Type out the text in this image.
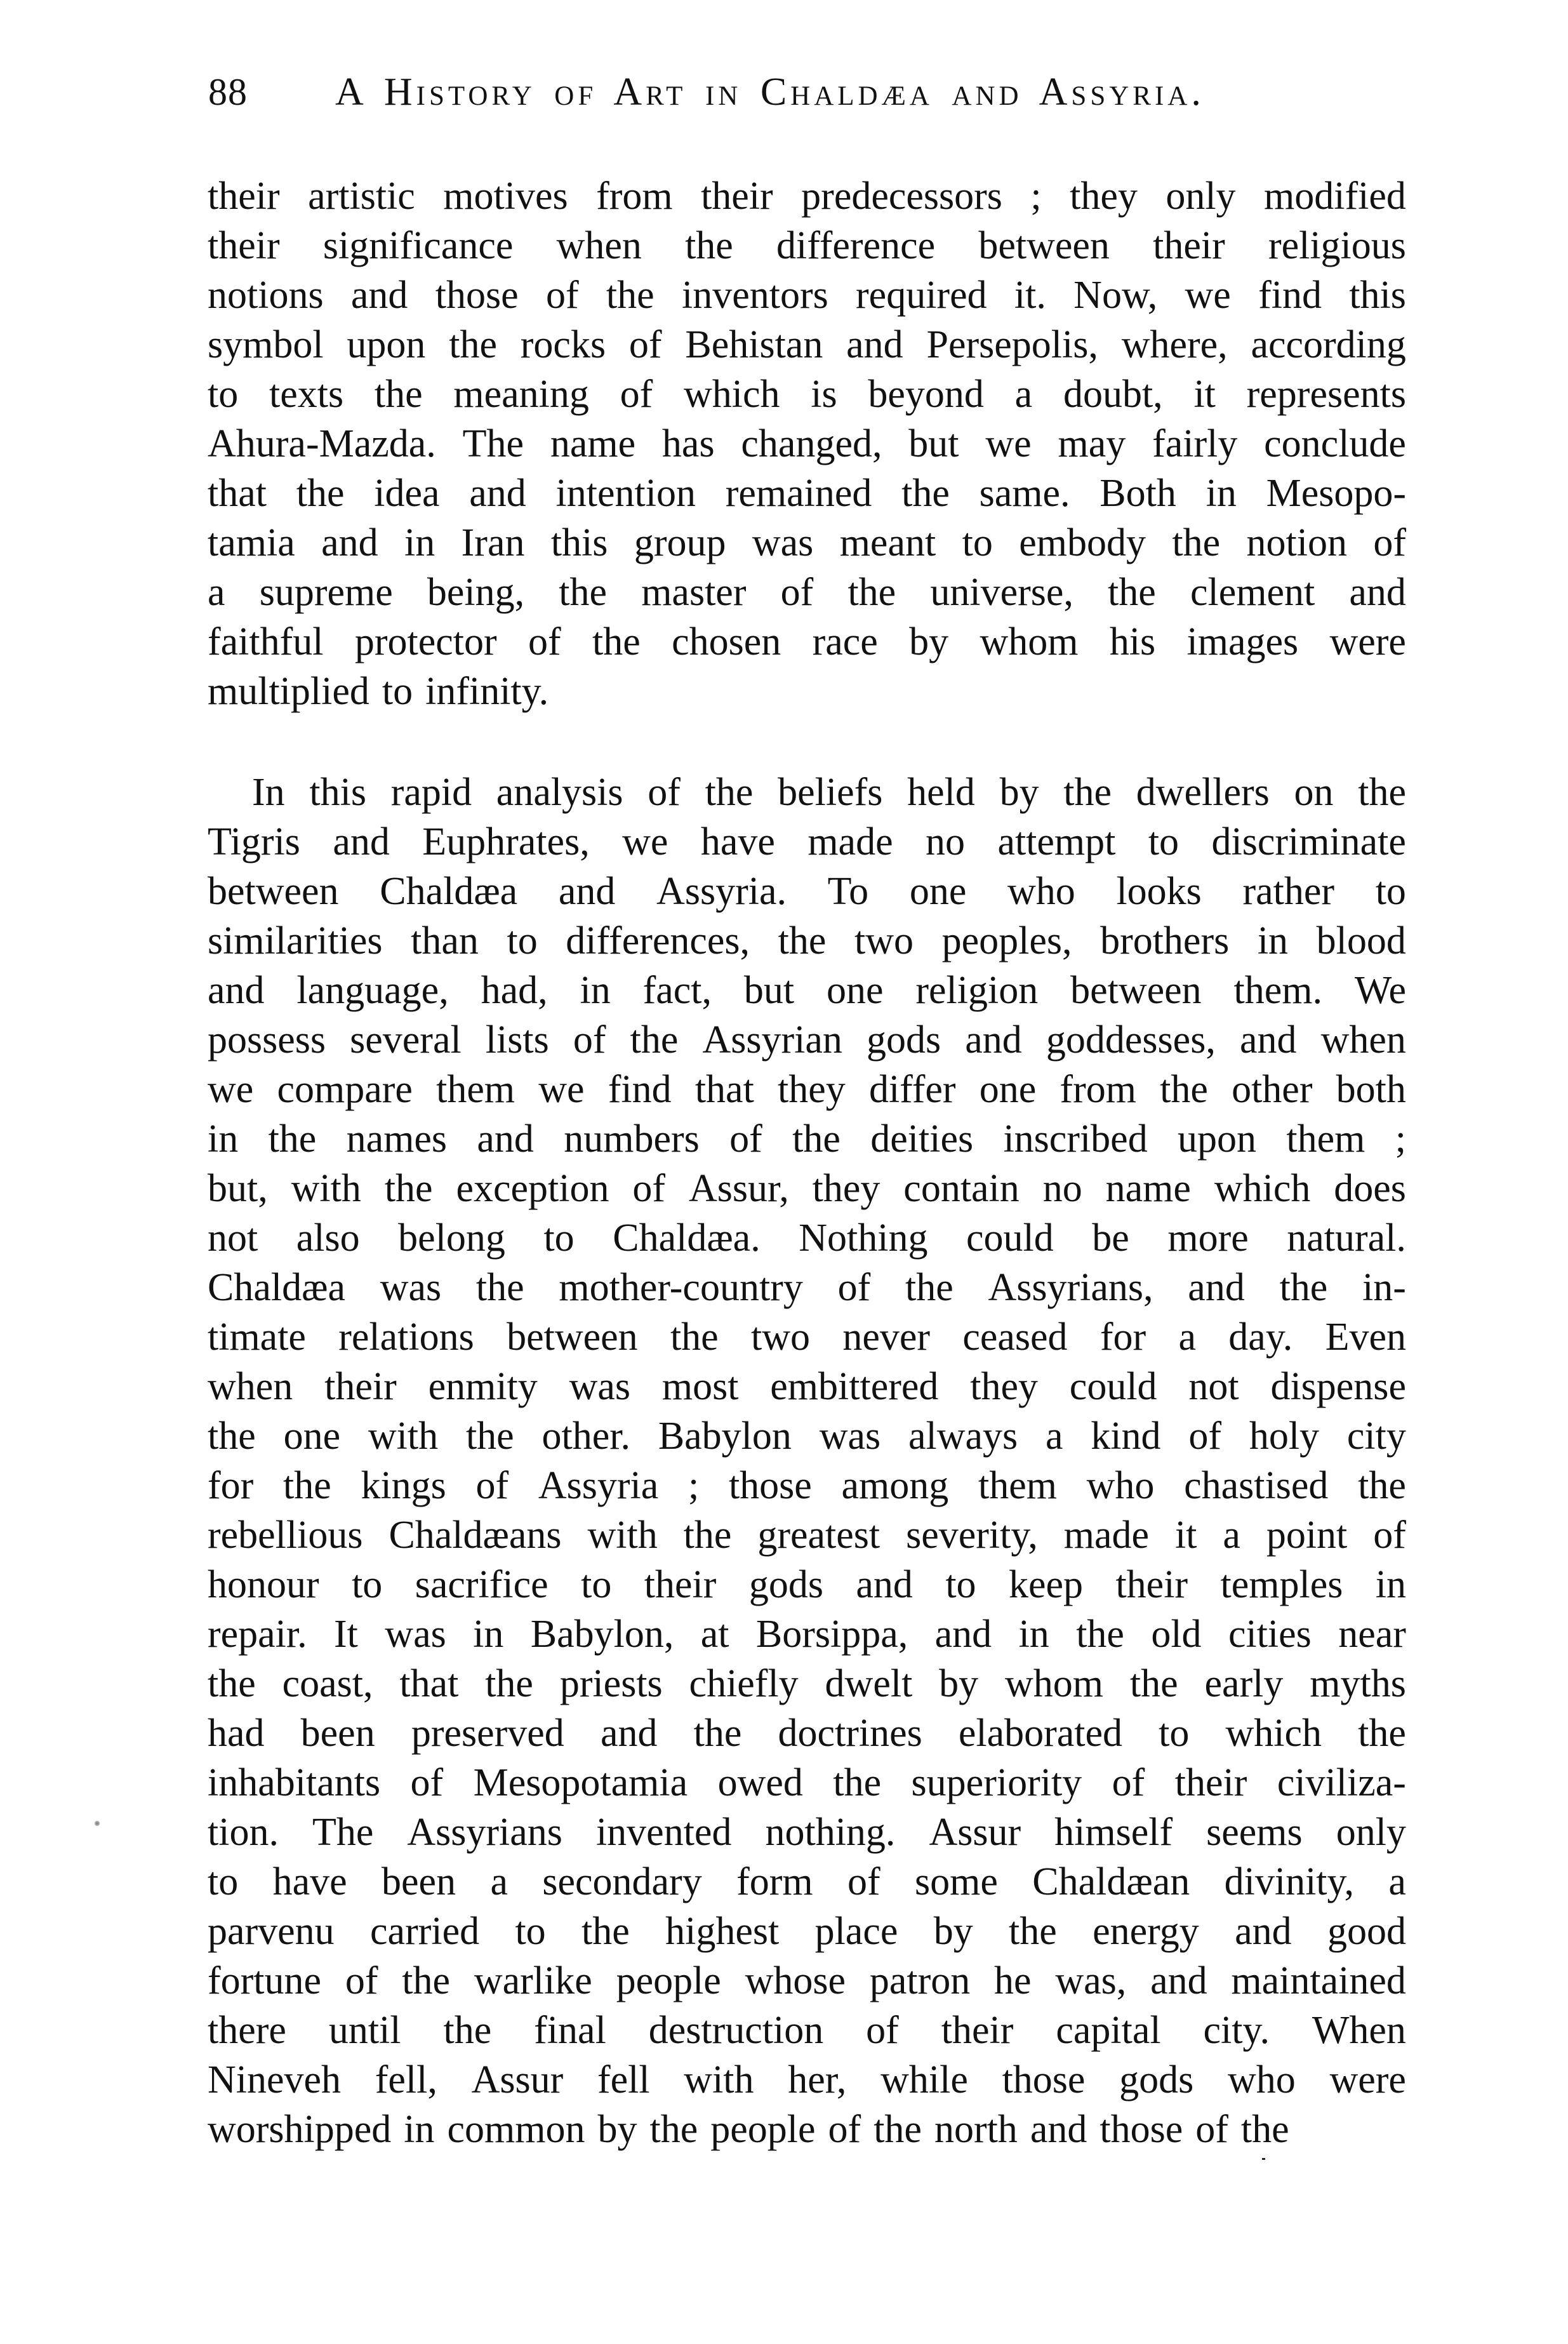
88	A History of Art in Chaldæa and Assyria.
their artistic motives from their predecessors ; they only modified
their significance when the difference between their religious
notions and those of the inventors required it. Now, we find this
symbol upon the rocks of Behistan and Persepolis, where, according
to texts the meaning of which is beyond a doubt, it represents
Ahura-Mazda. The name has changed, but we may fairly conclude
that the idea and intention remained the same. Both in Mesopo-
tamia and in Iran this group was meant to embody the notion of
a supreme being, the master of the universe, the clement and
faithful protector of the chosen race by whom his images were
multiplied to infinity.
In this rapid analysis of the beliefs held by the dwellers on the
Tigris and Euphrates, we have made no attempt to discriminate
between Chaldæa and Assyria. To one who looks rather to
similarities than to differences, the two peoples, brothers in blood
and language, had, in fact, but one religion between them. We
possess several lists of the Assyrian gods and goddesses, and when
we compare them we find that they differ one from the other both
in the names and numbers of the deities inscribed upon them ;
but, with the exception of Assur, they contain no name which does
not also belong to Chaldæa. Nothing could be more natural.
Chaldæa was the mother-country of the Assyrians, and the in-
timate relations between the two never ceased for a day. Even
when their enmity was most embittered they could not dispense
the one with the other. Babylon was always a kind of holy city
for the kings of Assyria ; those among them who chastised the
rebellious Chaldæans with the greatest severity, made it a point of
honour to sacrifice to their gods and to keep their temples in
repair. It was in Babylon, at Borsippa, and in the old cities near
the coast, that the priests chiefly dwelt by whom the early myths
had been preserved and the doctrines elaborated to which the
inhabitants of Mesopotamia owed the superiority of their civiliza-
tion. The Assyrians invented nothing. Assur himself seems only
to have been a secondary form of some Chaldæan divinity, a
parvenu carried to the highest place by the energy and good
fortune of the warlike people whose patron he was, and maintained
there until the final destruction of their capital city. When
Nineveh fell, Assur fell with her, while those gods who were
worshipped in common by the people of the north and those of the
